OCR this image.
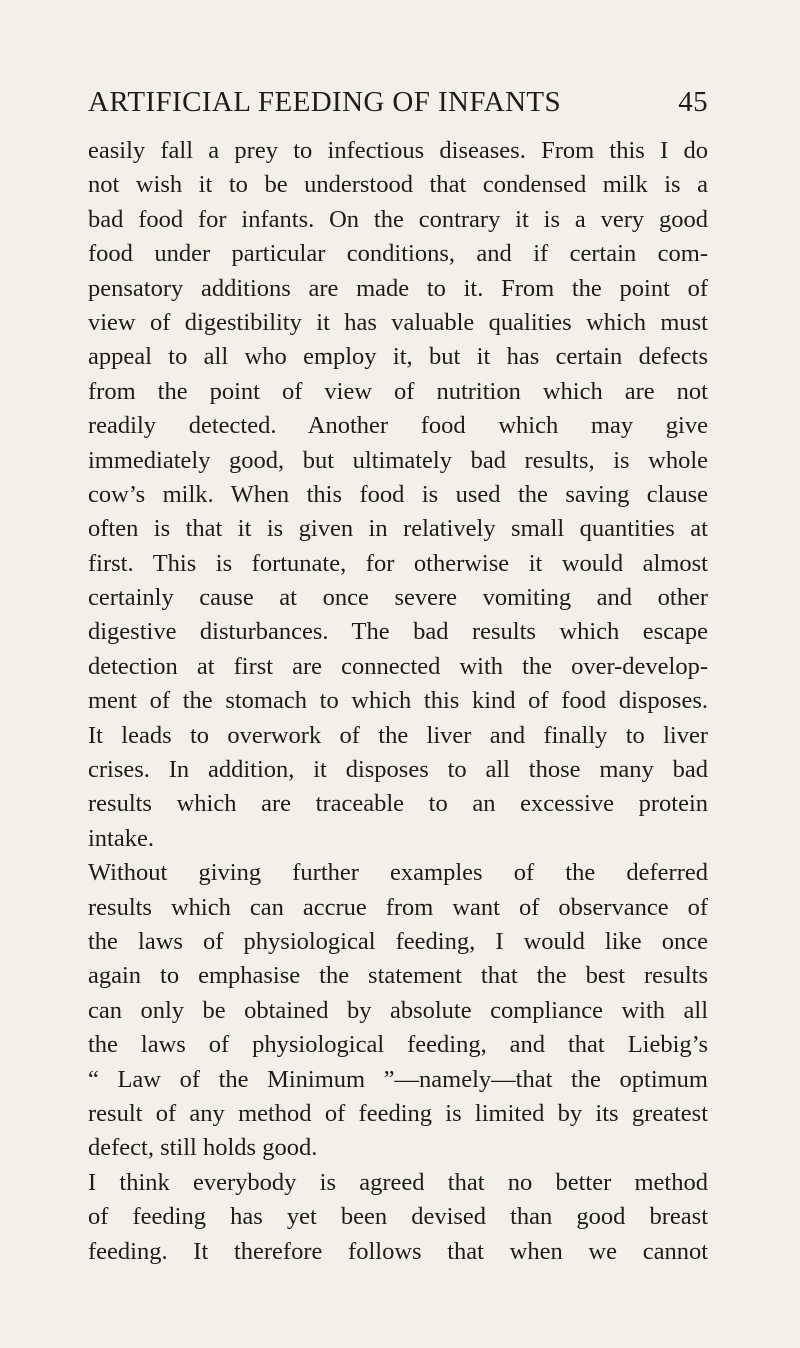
ARTIFICIAL FEEDING OF INFANTS	45
easily fall a prey to infectious diseases. From this I do
not wish it to be understood that condensed milk is a
bad food for infants. On the contrary it is a very good
food under particular conditions, and if certain com-
pensatory additions are made to it. From the point of
view of digestibility it has valuable qualities which must
appeal to all who employ it, but it has certain defects
from the point of view of nutrition which are not
readily detected. Another food which may give
immediately good, but ultimately bad results, is whole
cow’s milk. When this food is used the saving clause
often is that it is given in relatively small quantities at
first. This is fortunate, for otherwise it would almost
certainly cause at once severe vomiting and other
digestive disturbances. The bad results which escape
detection at first are connected with the over-develop-
ment of the stomach to which this kind of food disposes.
It leads to overwork of the liver and finally to liver
crises. In addition, it disposes to all those many bad
results which are traceable to an excessive protein
intake.
Without giving further examples of the deferred
results which can accrue from want of observance of
the laws of physiological feeding, I would like once
again to emphasise the statement that the best results
can only be obtained by absolute compliance with all
the laws of physiological feeding, and that Liebig’s
“ Law of the Minimum ”—namely—that the optimum
result of any method of feeding is limited by its greatest
defect, still holds good.
I think everybody is agreed that no better method
of feeding has yet been devised than good breast
feeding. It therefore follows that when we cannot
